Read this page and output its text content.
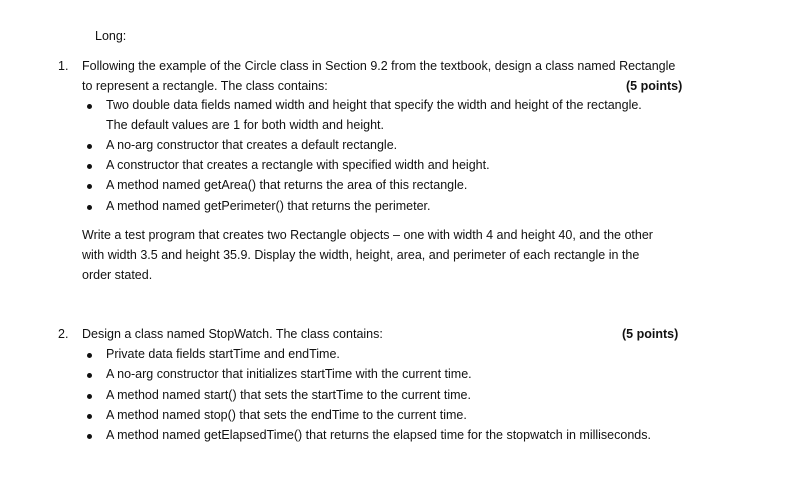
Long:
1. Following the example of the Circle class in Section 9.2 from the textbook, design a class named Rectangle
to represent a rectangle. The class contains:	(5 points)
Two double data fields named width and height that specify the width and height of the rectangle.
The default values are 1 for both width and height.
A no-arg constructor that creates a default rectangle.
A constructor that creates a rectangle with specified width and height.
A method named getArea() that returns the area of this rectangle.
A method named getPerimeter() that returns the perimeter.
Write a test program that creates two Rectangle objects – one with width 4 and height 40, and the other
with width 3.5 and height 35.9. Display the width, height, area, and perimeter of each rectangle in the
order stated.
2. Design a class named StopWatch. The class contains:	(5 points)
Private data fields startTime and endTime.
A no-arg constructor that initializes startTime with the current time.
A method named start() that sets the startTime to the current time.
A method named stop() that sets the endTime to the current time.
A method named getElapsedTime() that returns the elapsed time for the stopwatch in milliseconds.
